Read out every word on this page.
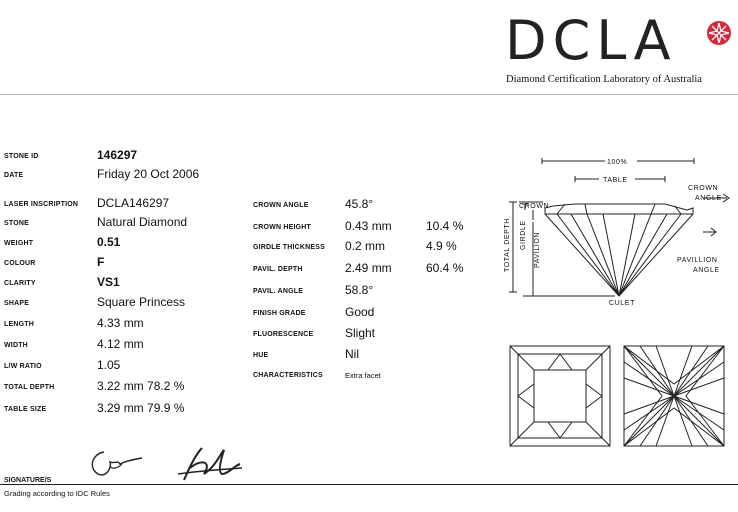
DCLA
Diamond Certification Laboratory of Australia
STONE ID	146297
DATE	Friday 20 Oct 2006
LASER INSCRIPTION DCLA146297
STONE	Natural Diamond
WEIGHT	0.51
COLOUR	F
CLARITY	VS1
SHAPE	Square Princess
LENGTH	4.33 mm
WIDTH	4.12 mm
L/W RATIO	1.05
TOTAL DEPTH	3.22 mm 78.2 %
TABLE SIZE	3.29 mm 79.9 %
CROWN ANGLE	45.8°
CROWN HEIGHT	0.43 mm	10.4 %
GIRDLE THICKNESS 0.2 mm	4.9 %
PAVIL. DEPTH	2.49 mm	60.4 %
PAVIL. ANGLE	58.8°
FINISH GRADE	Good
FLUORESCENCE	Slight
HUE	Nil
CHARACTERISTICS	Extra facet
100%
TABLE
CROWN
CROWN
ANGLE
PAVILLION
ANGLE
CULET
TOTAL DEPTH GIRDLE PAVILION
SIGNATURE/S
Grading according to IDC Rules
